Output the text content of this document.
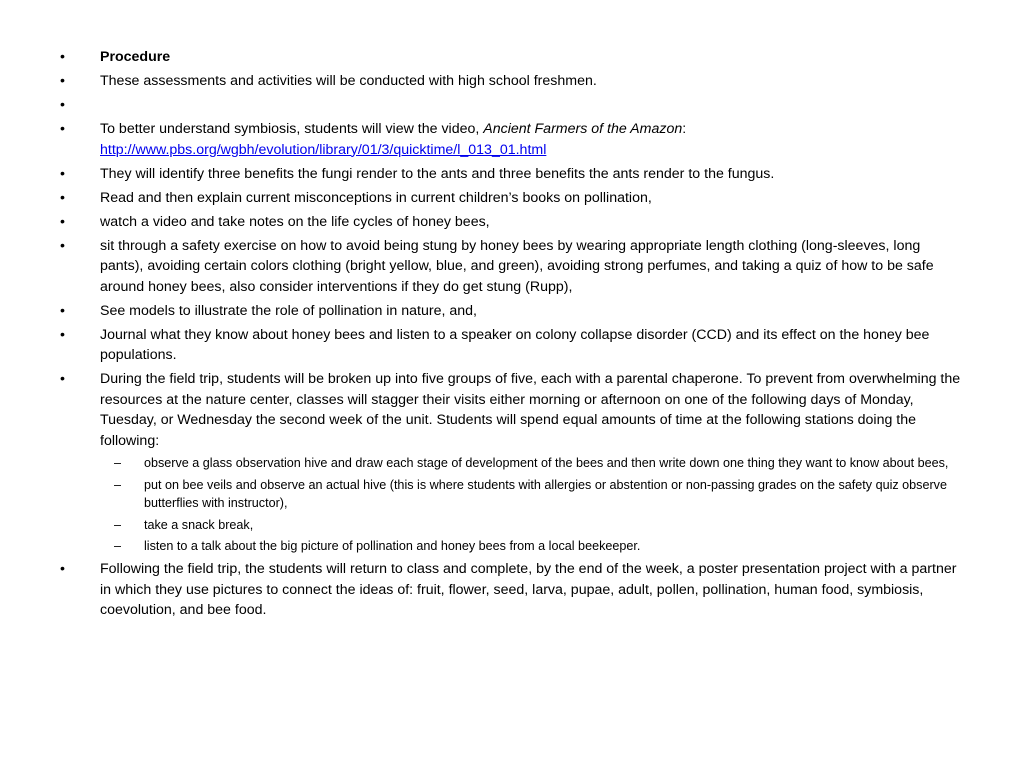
•	Procedure
•	These assessments and activities will be conducted with high school freshmen.
•
•	To better understand symbiosis, students will view the video, Ancient Farmers of the Amazon:
http://www.pbs.org/wgbh/evolution/library/01/3/quicktime/l_013_01.html
•	They will identify three benefits the fungi render to the ants and three benefits the ants render to the fungus.
•	Read and then explain current misconceptions in current children’s books on pollination,
•	watch a video and take notes on the life cycles of honey bees,
•	sit through a safety exercise on how to avoid being stung by honey bees by wearing appropriate length clothing (long-sleeves, long pants), avoiding certain colors clothing (bright yellow, blue, and green), avoiding strong perfumes, and taking a quiz of how to be safe around honey bees, also consider interventions if they do get stung (Rupp),
•	See models to illustrate the role of pollination in nature, and,
•	Journal what they know about honey bees and listen to a speaker on colony collapse disorder (CCD) and its effect on the honey bee populations.
•	During the field trip, students will be broken up into five groups of five, each with a parental chaperone. To prevent from overwhelming the resources at the nature center, classes will stagger their visits either morning or afternoon on one of the following days of Monday, Tuesday, or Wednesday the second week of the unit. Students will spend equal amounts of time at the following stations doing the following:
– observe a glass observation hive and draw each stage of development of the bees and then write down one thing they want to know about bees,
– put on bee veils and observe an actual hive (this is where students with allergies or abstention or non-passing grades on the safety quiz observe butterflies with instructor),
– take a snack break,
– listen to a talk about the big picture of pollination and honey bees from a local beekeeper.
•	Following the field trip, the students will return to class and complete, by the end of the week, a poster presentation project with a partner in which they use pictures to connect the ideas of: fruit, flower, seed, larva, pupae, adult, pollen, pollination, human food, symbiosis, coevolution, and bee food.
